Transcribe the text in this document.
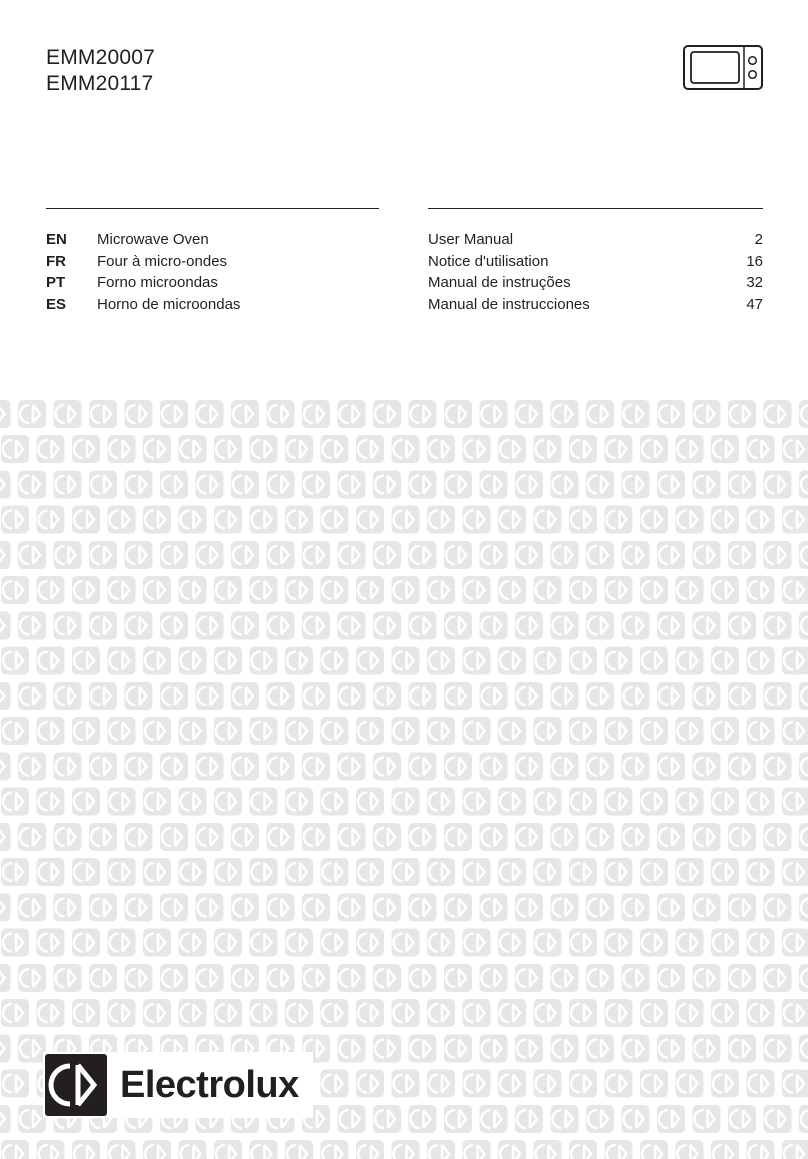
EMM20007
EMM20117
EN Microwave Oven	User Manual	2
FR Four à micro-ondes	Notice d'utilisation	16
PT Forno microondas	Manual de instruções	32
ES Horno de microondas	Manual de instrucciones	47
Electrolux
